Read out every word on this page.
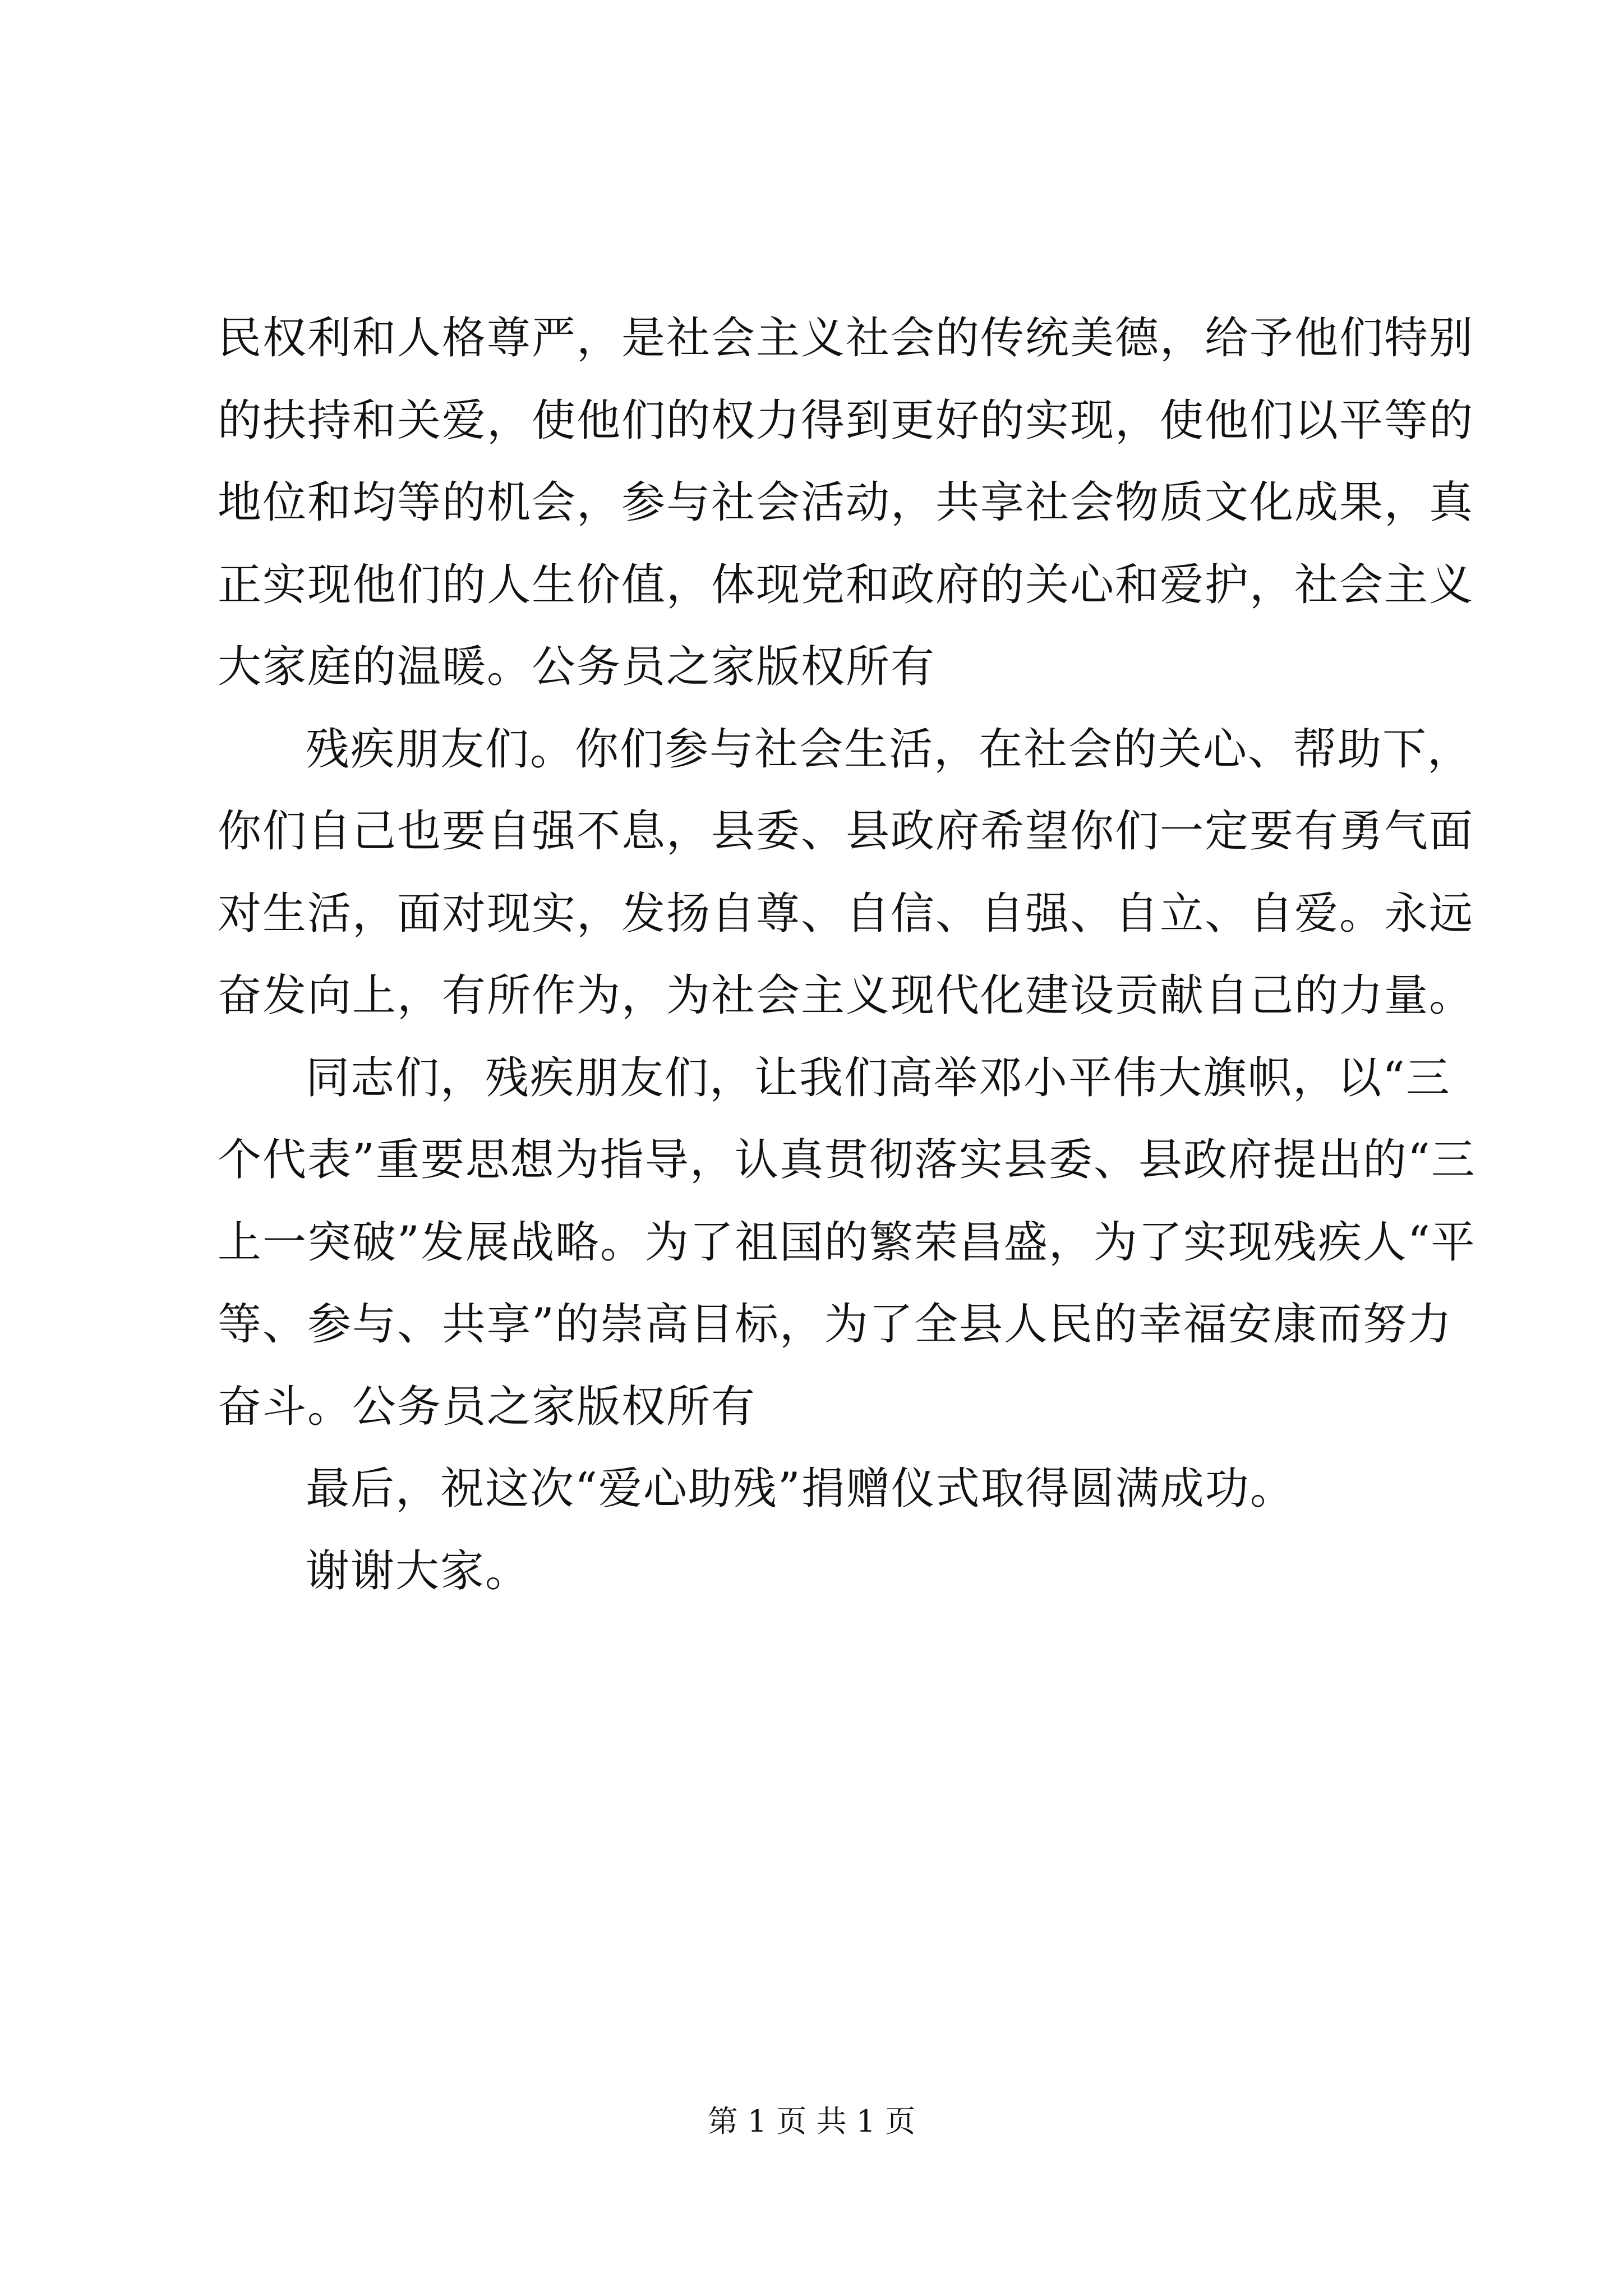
民权利和人格尊严，是社会主义社会的传统美德，给予他们特别
的扶持和关爱，使他们的权力得到更好的实现，使他们以平等的
地位和均等的机会，参与社会活动，共享社会物质文化成果，真
正实现他们的人生价值，体现党和政府的关心和爱护，社会主义
大家庭的温暖。公务员之家版权所有
残疾朋友们。你们参与社会生活，在社会的关心、帮助下，
你们自己也要自强不息，县委、县政府希望你们一定要有勇气面
对生活，面对现实，发扬自尊、自信、自强、自立、自爱。永远
奋发向上，有所作为，为社会主义现代化建设贡献自己的力量。
同志们，残疾朋友们，让我们高举邓小平伟大旗帜，以“三
个代表”重要思想为指导，认真贯彻落实县委、县政府提出的“三
上一突破”发展战略。为了祖国的繁荣昌盛，为了实现残疾人“平
等、参与、共享”的崇高目标，为了全县人民的幸福安康而努力
奋斗。公务员之家版权所有
最后，祝这次“爱心助残”捐赠仪式取得圆满成功。
谢谢大家。
第 1 页 共 1 页
